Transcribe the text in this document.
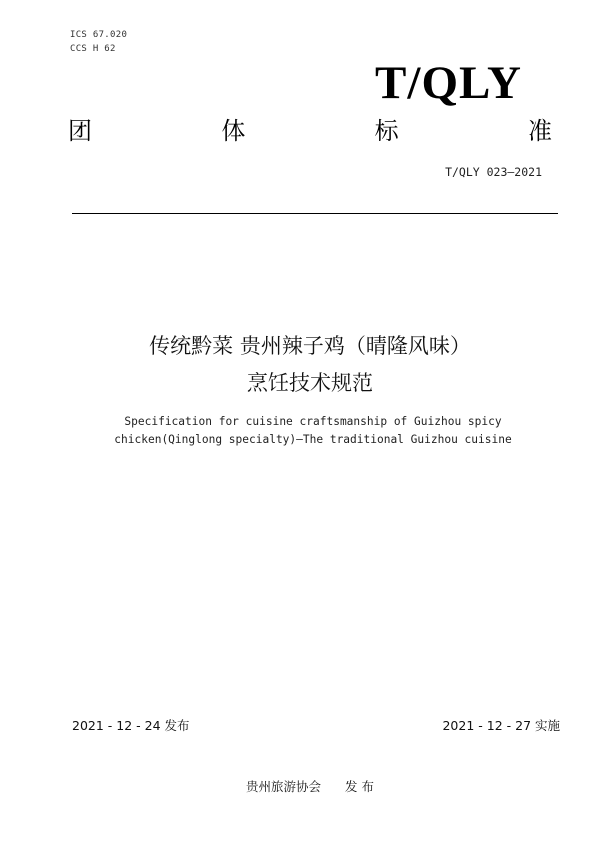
ICS 67.020
CCS H 62
T/QLY
团	体	标	准
T/QLY 023—2021
传统黔菜 贵州辣子鸡（晴隆风味）
烹饪技术规范
Specification for cuisine craftsmanship of Guizhou spicy
chicken(Qinglong specialty)—The traditional Guizhou cuisine
2021 - 12 - 24 发布	2021 - 12 - 27 实施
贵州旅游协会 发 布
